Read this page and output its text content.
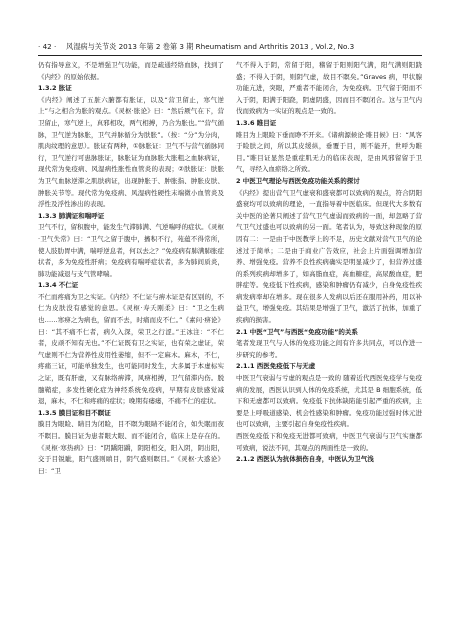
· 42 · 风湿病与关节炎 2013 年第 2 卷第 3 期 Rheumatism and Arthritis 2013 , Vol.2, No.3

仍有指导意义，不是增强卫气功能，而是疏通经络血脉，找到了《内经》的原始依据。

1.3.2 胀证

《内经》阐述了五脏六腑都有胀证，以及“营卫留止，寒气逆上”与之相合为胀的观点。《灵枢·胀论》曰：“然后厥气在下，营卫留止，寒气逆上，真邪相攻，两气相搏，乃合为胀也。”“营气循脉，卫气逆为脉胀，卫气并脉循分为肤胀”。（按：“分”为分肉，肌肉纹理的意思）。胀证有两种，①脉胀证：卫气不与营气循脉同行，卫气逆行可患脉胀证，脉胀证为血脉胀大胀粗之血脉病证，现代常为免疫病、风湿病性胀性血管炎的表现；②肤胀证：肤胀为卫气血脉逆滞之肌肤病证，出现肿胀于、肿胀指、肿胀皮肤、肿胀关节等。现代常为免疫病、风湿病性硬性末端微小血管炎及浮性及浮性渗出的表现。

1.3.3 肺满证和喘呼证

卫气不行，留积腹中，能发生气滞肺满、气逆喘呼的症状。《灵枢·卫气失常》曰：“卫气之留于腹中，搐积不行，苑蕴不得常所，使人肢肋胃中满，喘呼逆息者，何以去之？”免疫病有肺满肺胀症状者，多为免疫性肝病；免疫病有喘呼症状者，多为肺间质炎，肺功能减退与支气管哮喘。

1.3.4 不仁证

不仁而疼痛为卫之实证。《内经》不仁证与痹木证是有区别的，不仁为皮肤没有感觉的意思。《灵枢·寿夭刚柔》曰：“卫之生病也……寒痹之为病也，留而不去，时痛而皮不仁。”《素问·痹论》曰：“其不痛不仁者，病久入深，荣卫之行涩。”王冰注：“不仁者，皮顽不知有无也。”不仁证既有卫之实证，也有荣之虚证，荣气虚则不仁为营养性皮用性萎缩，但不一定麻木。麻木，不仁，疼痛三证，可能单独发生，也可能同时发生，大多属于本虚标实之证，既有肝虚，又有脉络痹滞，风痹相搏，卫气留滞内伤。脱髓鞘症，多发性硬化症为神经系统免疫病，早期有皮肤感觉减退，麻木，不仁和疼痛的症状；晚期有痿痿，不痛不仁的症状。

1.3.5 膜目证和目不瞑证

膜目为眼睑、睛目为闭睑，目不瞑为眼睛不能闭合，如失眠而夜不瞑目。膜目证为患者眼大眼、而不能闭合，临床上是存在的。《灵枢·寒热病》曰：“阴蹻阳蹻，阴阳相交，阳入阴，阴出阳，交于目锐眦，阳气盛则瞋目，阴气盛则瞑目。”《灵枢·大惑论》曰：“卫

气不得入于阴，常留于阳，稽留于阳则阳气满，阳气满则阳跷盛；不得入于阴，则阴气虚，故目不瞑矣。”Graves 病，甲状腺功能亢进，突眼，严重者不能闭合，为免疫病。卫气留于阳而不入于阴，阳满于阳跷，阴虚阴盛，因而目不瞑闭合。这与卫气内伐而致病为一实证的观点是一致的。

1.3.6 睢目证

睢目为上眼睑下垂而睁不开来。《诸病源候论·睢目候》曰：“风客于睑肤之间，所以其皮缓纵，垂覆于目，则不能开，世呼为睢目。”睢目证显然是重症肌无力的临床表现，是由风邪留留于卫气，寻经入血瘀络之所致。

2 中医卫气理论与西医免疫功能关系的探讨

《内经》提出营气卫气虚衰和盛衰都可以致病的观点，符合阴阳盛衰均可以致病的理论，一直指导着中医临床。但现代大多数有关中医的论著只阐述了营气卫气虚弱而致病的一面，却忽略了营气卫气过盛也可以致病的另一面。笔者认为，导致这种现象的原因有二：一是由于中医教学上的不足，历史文献对营气卫气的论述过于简单；二是由于商业广告效应，社会上片面强调增加营养、增强免疫。营养不良性疾病确实是明显减少了，但营养过盛的系列疾病却增多了，如高脂血症，高血糖症，高尿酸血症，肥胖症等。免疫低下性疾病，感染和肿瘤仍有减少，自身免疫性疾病发病率却在增多。现在很多人发病以后还在服用补药，用以补益卫气，增强免疫。其结果是增强了卫气，激活了抗体，加重了疾病的损害。

2.1 中医“卫气”与西医“免疫功能”的关系

笔者发现卫气与人体的免疫功能之间有许多共同点，可以作进一步研究的参考。

2.1.1 西医免疫低下与无虚

中医卫气衰弱与亏虚的观点是一致的 随着近代西医免疫学与免疫病的发展，西医认识到人体的免疫系统，尤其是 B 细胞系统，低下和无虚都可以致病。免疫低下抗体缺陷能引起严重的疾病，主要是上呼吸道感染、机会性感染和肿瘤。免疫功能过强时体元进也可以致病，主要引起自身免疫性疾病。

西医免疫低下和免疫无进都可致病，中医卫气衰弱与卫气实壅都可致病，说法不同，其观点的两面性是一致的。

2.1.2 西医认为抗体损伤自身，中医认为卫气浅
